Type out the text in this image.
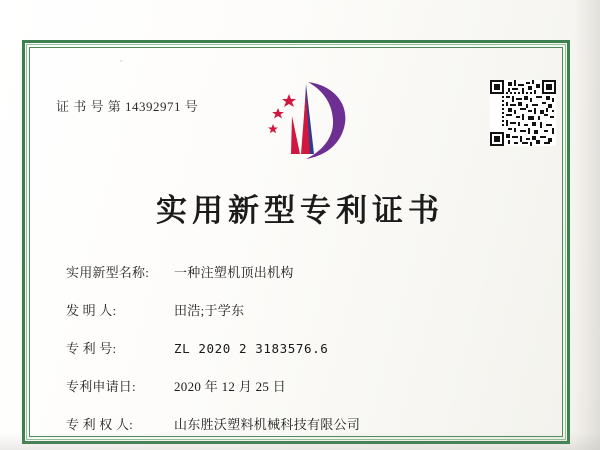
证 书 号 第 14392971 号
实用新型专利证书
实用新型名称:	一种注塑机顶出机构
发 明 人:	田浩;于学东
专 利 号:	ZL 2020 2 3183576.6
专利申请日:	2020 年 12 月 25 日
专 利 权 人:	山东胜沃塑料机械科技有限公司
